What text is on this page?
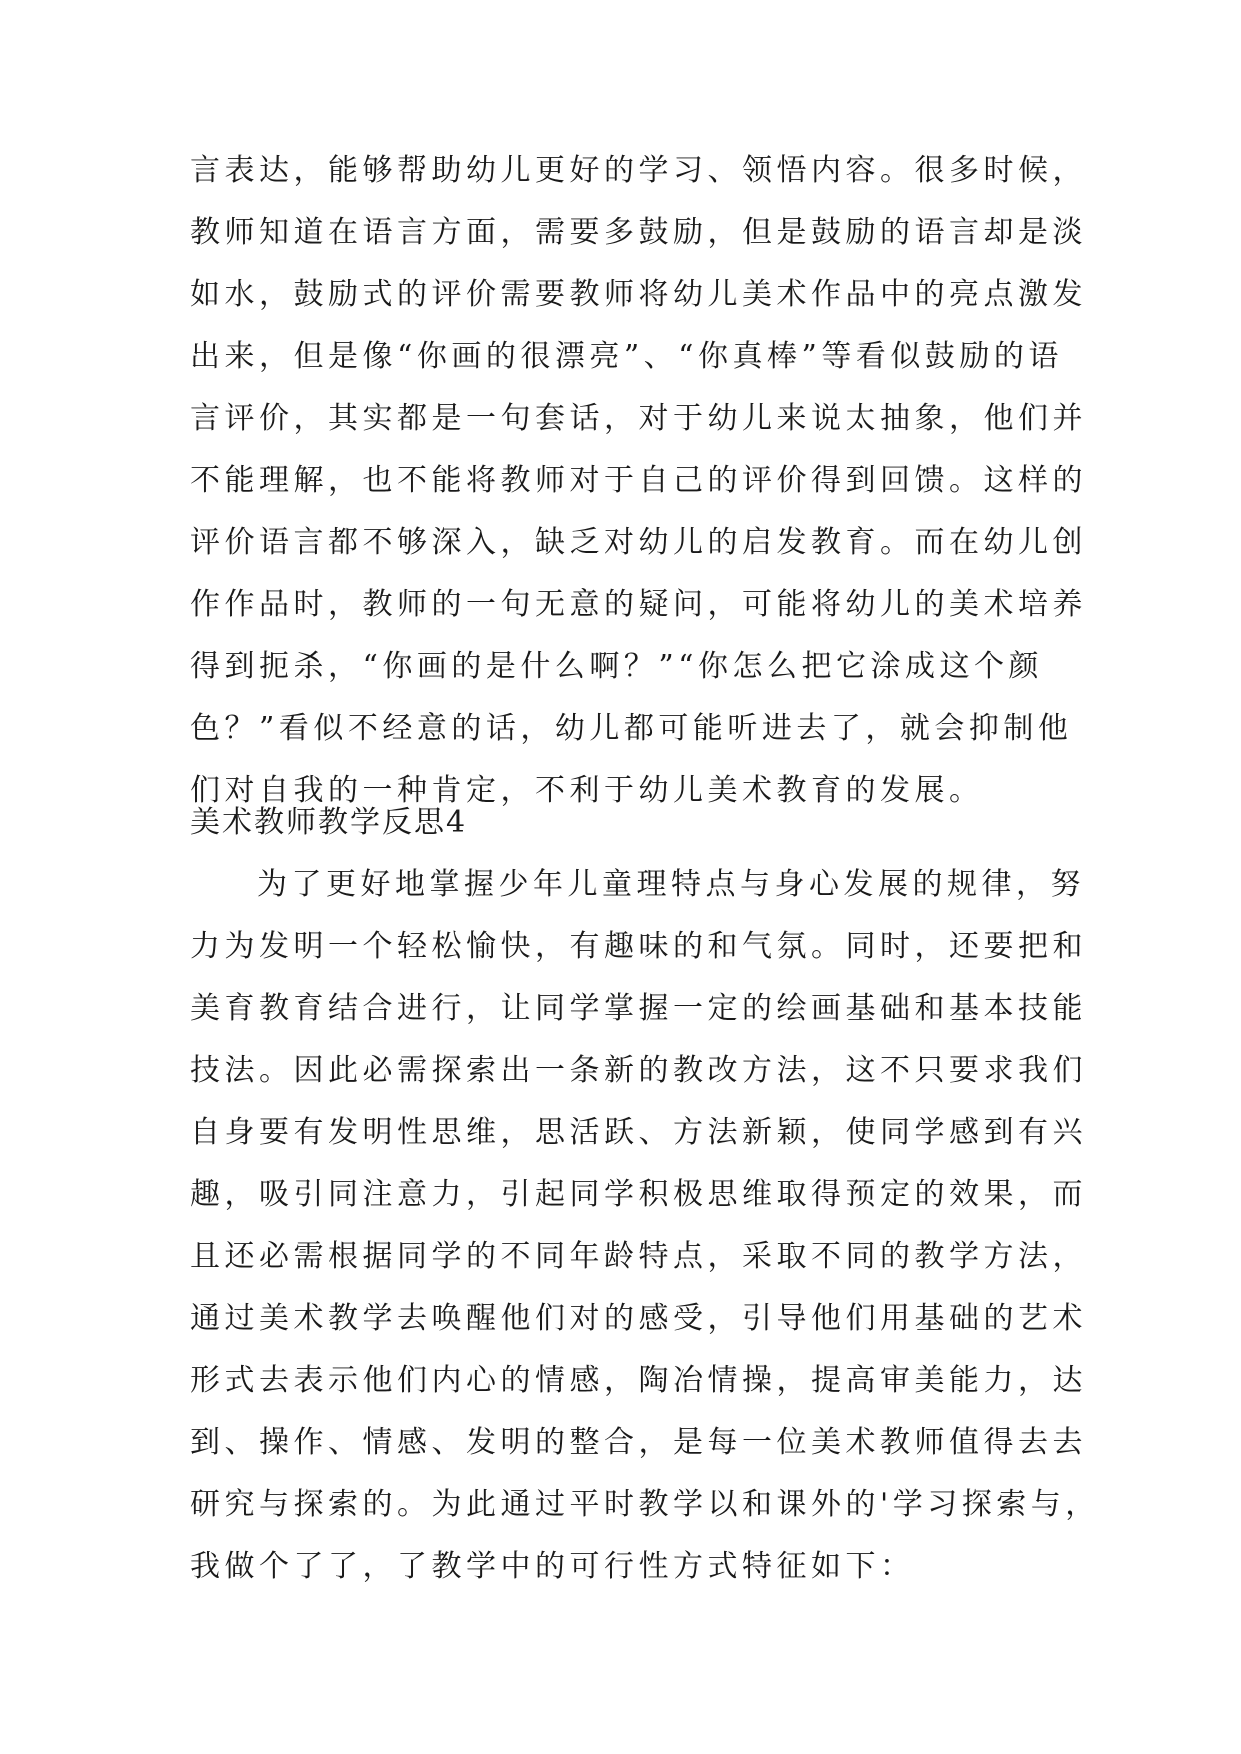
言表达，能够帮助幼儿更好的学习、领悟内容。很多时候，
教师知道在语言方面，需要多鼓励，但是鼓励的语言却是淡
如水，鼓励式的评价需要教师将幼儿美术作品中的亮点激发
出来，但是像“你画的很漂亮”、“你真棒”等看似鼓励的语
言评价，其实都是一句套话，对于幼儿来说太抽象，他们并
不能理解，也不能将教师对于自己的评价得到回馈。这样的
评价语言都不够深入，缺乏对幼儿的启发教育。而在幼儿创
作作品时，教师的一句无意的疑问，可能将幼儿的美术培养
得到扼杀，“你画的是什么啊？”“你怎么把它涂成这个颜
色？”看似不经意的话，幼儿都可能听进去了，就会抑制他
们对自我的一种肯定，不利于幼儿美术教育的发展。
美术教师教学反思4
为了更好地掌握少年儿童理特点与身心发展的规律，努
力为发明一个轻松愉快，有趣味的和气氛。同时，还要把和
美育教育结合进行，让同学掌握一定的绘画基础和基本技能
技法。因此必需探索出一条新的教改方法，这不只要求我们
自身要有发明性思维，思活跃、方法新颖，使同学感到有兴
趣，吸引同注意力，引起同学积极思维取得预定的效果，而
且还必需根据同学的不同年龄特点，采取不同的教学方法，
通过美术教学去唤醒他们对的感受，引导他们用基础的艺术
形式去表示他们内心的情感，陶冶情操，提高审美能力，达
到、操作、情感、发明的整合，是每一位美术教师值得去去
研究与探索的。为此通过平时教学以和课外的'学习探索与，
我做个了了，了教学中的可行性方式特征如下：
